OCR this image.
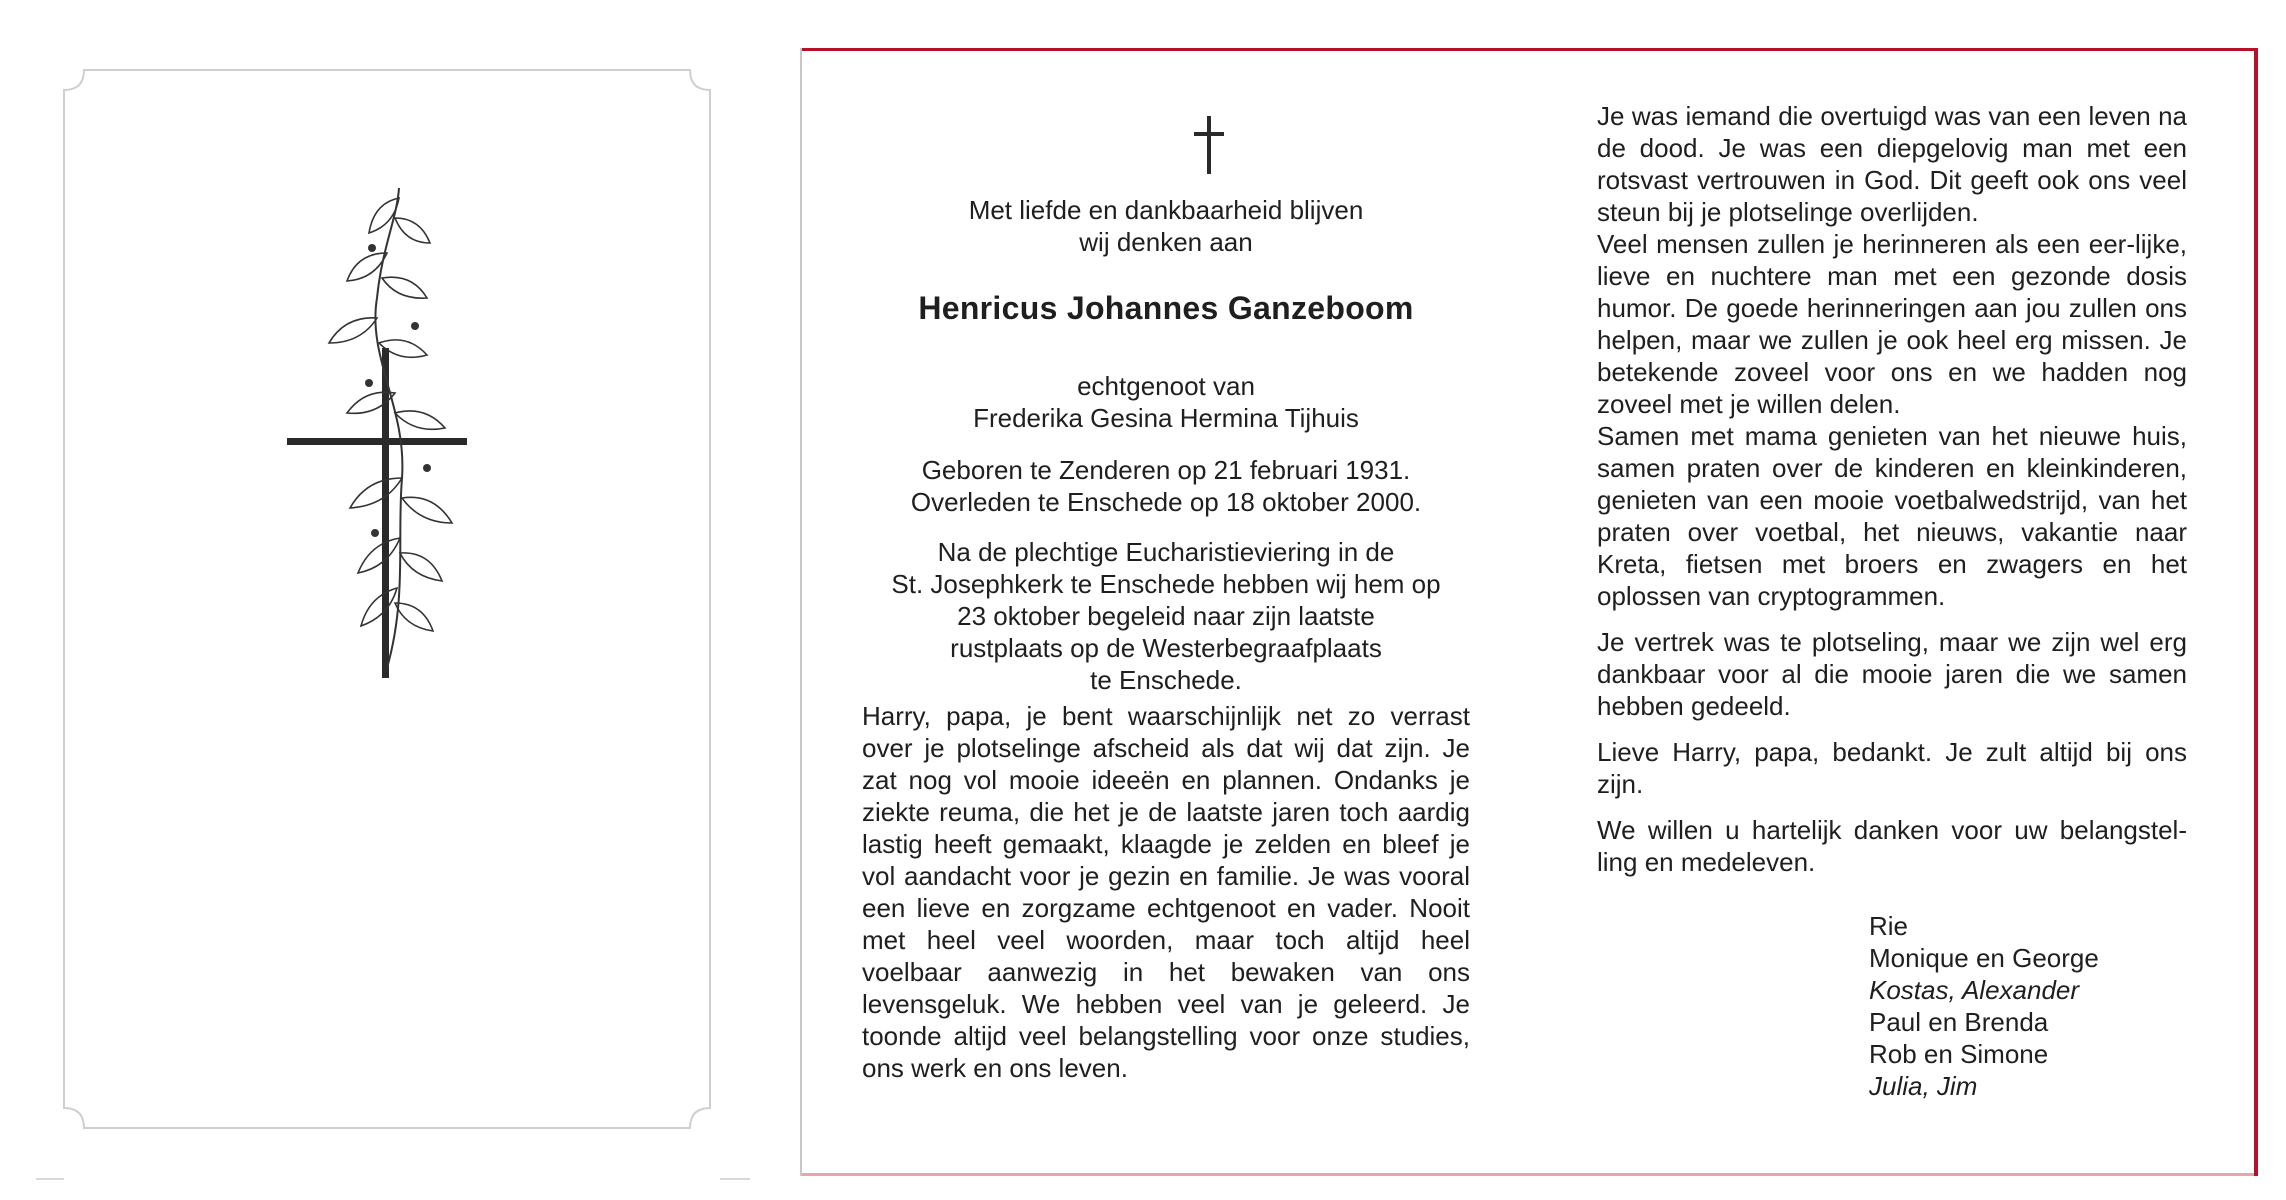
Met liefde en dankbaarheid blijven

wij denken aan

Henricus Johannes Ganzeboom

echtgenoot van

Frederika Gesina Hermina Tijhuis

Geboren te Zenderen op 21 februari 1931.

Overleden te Enschede op 18 oktober 2000.

Na de plechtige Eucharistieviering in de

St. Josephkerk te Enschede hebben wij hem op

23 oktober begeleid naar zijn laatste

rustplaats op de Westerbegraafplaats

te Enschede.

Harry, papa, je bent waarschijnlijk net zo verrast over je plotselinge afscheid als dat wij dat zijn. Je zat nog vol mooie ideeën en plannen. Ondanks je ziekte reuma, die het je de laatste jaren toch aardig lastig heeft gemaakt, klaagde je zelden en bleef je vol aandacht voor je gezin en familie. Je was vooral een lieve en zorgzame echtgenoot en vader. Nooit met heel veel woorden, maar toch altijd heel voelbaar aanwezig in het bewaken van ons levensgeluk. We hebben veel van je geleerd. Je toonde altijd veel belangstelling voor onze studies, ons werk en ons leven.

Je was iemand die overtuigd was van een leven na de dood. Je was een diepgelovig man met een rotsvast vertrouwen in God. Dit geeft ook ons veel steun bij je plotselinge overlijden.

Veel mensen zullen je herinneren als een eer-lijke, lieve en nuchtere man met een gezonde dosis humor. De goede herinneringen aan jou zullen ons helpen, maar we zullen je ook heel erg missen. Je betekende zoveel voor ons en we hadden nog zoveel met je willen delen.

Samen met mama genieten van het nieuwe huis, samen praten over de kinderen en kleinkinderen, genieten van een mooie voetbalwedstrijd, van het praten over voetbal, het nieuws, vakantie naar Kreta, fietsen met broers en zwagers en het oplossen van cryptogrammen.

Je vertrek was te plotseling, maar we zijn wel erg dankbaar voor al die mooie jaren die we samen hebben gedeeld.

Lieve Harry, papa, bedankt. Je zult altijd bij ons zijn.

We willen u hartelijk danken voor uw belangstel-ling en medeleven.

Rie
Monique en George
Kostas, Alexander
Paul en Brenda
Rob en Simone
Julia, Jim
